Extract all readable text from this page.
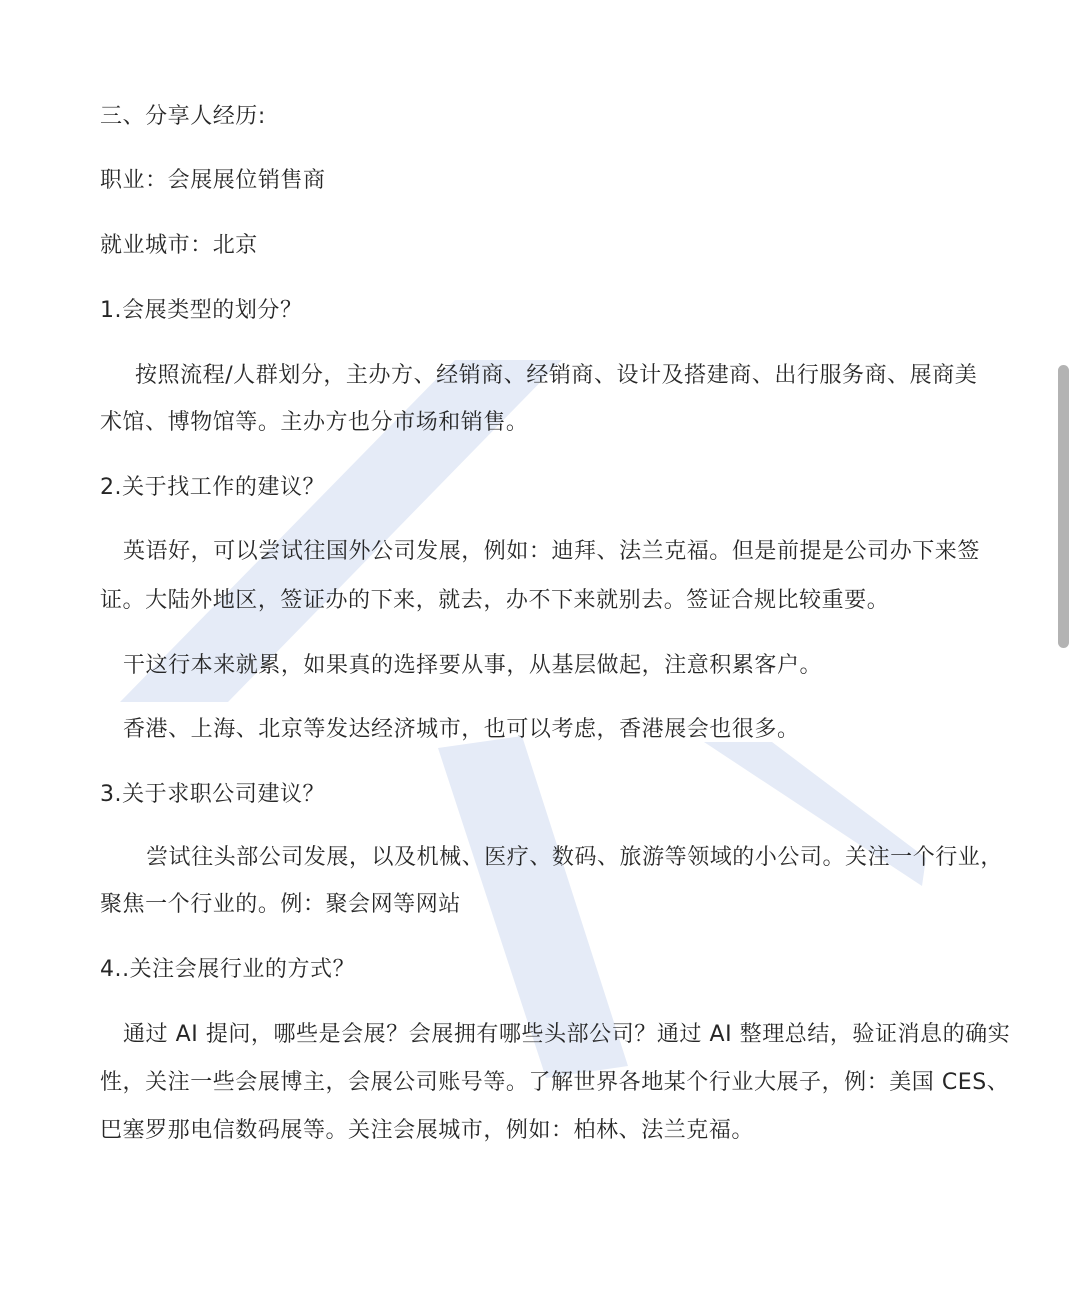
三、分享人经历:
职业：会展展位销售商
就业城市：北京
1.会展类型的划分？
按照流程/人群划分，主办方、经销商、经销商、设计及搭建商、出行服务商、展商美
术馆、博物馆等。主办方也分市场和销售。
2.关于找工作的建议？
英语好，可以尝试往国外公司发展，例如：迪拜、法兰克福。但是前提是公司办下来签
证。大陆外地区，签证办的下来，就去，办不下来就别去。签证合规比较重要。
干这行本来就累，如果真的选择要从事，从基层做起，注意积累客户。
香港、上海、北京等发达经济城市，也可以考虑，香港展会也很多。
3.关于求职公司建议？
尝试往头部公司发展，以及机械、医疗、数码、旅游等领域的小公司。关注一个行业，
聚焦一个行业的。例：聚会网等网站
4..关注会展行业的方式？
通过 AI 提问，哪些是会展？会展拥有哪些头部公司？通过 AI 整理总结，验证消息的确实
性，关注一些会展博主，会展公司账号等。了解世界各地某个行业大展子，例：美国 CES、
巴塞罗那电信数码展等。关注会展城市，例如：柏林、法兰克福。
